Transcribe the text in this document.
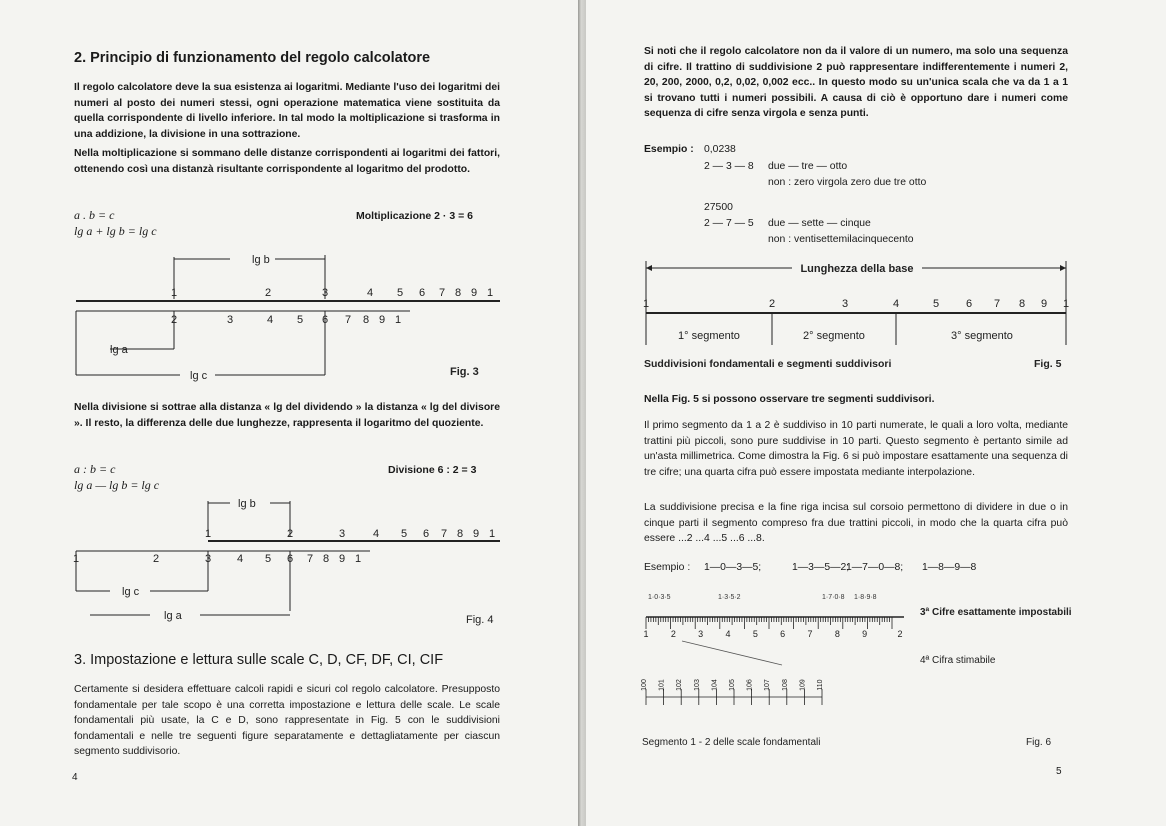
2. Principio di funzionamento del regolo calcolatore
Il regolo calcolatore deve la sua esistenza ai logaritmi. Mediante l'uso dei logaritmi dei numeri al posto dei numeri stessi, ogni operazione matematica viene sostituita da quella corrispondente di livello inferiore. In tal modo la moltiplicazione si trasforma in una addizione, la divisione in una sottrazione.
Nella moltiplicazione si sommano delle distanze corrispondenti ai logaritmi dei fattori, ottenendo così una distanzà risultante corrispondente al logaritmo del prodotto.
a . b = c
lg a + lg b = lg c
Moltiplicazione 2 · 3 = 6
1	2	3	4 5 6 7 8 9 1
2	3	4 5 6 7 8 9 1
lg b
lg a
lg c	Fig. 3
Nella divisione si sottrae alla distanza « lg del dividendo » la distanza « lg del divisore ». Il resto, la differenza delle due lunghezze, rappresenta il logaritmo del quoziente.
a : b = c
lg a — lg b = lg c
Divisione 6 : 2 = 3
1	2	3	4 5 6 7 8 9 1
1	2	3 4 5 6 7 8 9 1
lg b
lg c
lg a	Fig. 4
3. Impostazione e lettura sulle scale C, D, CF, DF, CI, CIF
Certamente si desidera effettuare calcoli rapidi e sicuri col regolo calcolatore. Presupposto fondamentale per tale scopo è una corretta impostazione e lettura delle scale. Le scale fondamentali più usate, la C e D, sono rappresentate in Fig. 5 con le suddivisioni fondamentali e nelle tre seguenti figure separatamente e dettagliatamente per ciascun segmento suddivisorio.
4
Si noti che il regolo calcolatore non da il valore di un numero, ma solo una sequenza di cifre. Il trattino di suddivisione 2 può rappresentare indifferentemente i numeri 2, 20, 200, 2000, 0,2, 0,02, 0,002 ecc.. In questo modo su un'unica scala che va da 1 a 1 si trovano tutti i numeri possibili. A causa di ciò è opportuno dare i numeri come sequenza di cifre senza virgola e senza punti.
Esempio : 0,0238
2 — 3 — 8 due — tre — otto
non : zero virgola zero due tre otto
27500
2 — 7 — 5 due — sette — cinque
non : ventisettemilacinquecento
1	2	3	4	5 6 7 8 9 1
Lunghezza della base
1° segmento	2° segmento	3° segmento
Suddivisioni fondamentali e segmenti suddivisori	Fig. 5
Nella Fig. 5 si possono osservare tre segmenti suddivisori.
Il primo segmento da 1 a 2 è suddiviso in 10 parti numerate, le quali a loro volta, mediante trattini più piccoli, sono pure suddivise in 10 parti. Questo segmento è pertanto simile ad un'asta millimetrica. Come dimostra la Fig. 6 si può impostare esattamente una sequenza di tre cifre; una quarta cifra può essere impostata mediante interpolazione.
La suddivisione precisa e la fine riga incisa sul corsoio permettono di dividere in due o in cinque parti il segmento compreso fra due trattini piccoli, in modo che la quarta cifra può essere ...2 ...4 ...5 ...6 ...8.
Esempio : 1—0—3—5;	1—3—5—2;
1—7—0—8; 1—8—9—8
1·0·3·5	1·3·5·2	1·7·0·8 1·8·9·8
1 2 3 4 5 6 7 8 9	2
100 101 102 103 104 105 106 107 108 109 110
3ª Cifre esattamente impostabili
4ª Cifra stimabile
Segmento 1 - 2 delle scale fondamentali	Fig. 6
5
